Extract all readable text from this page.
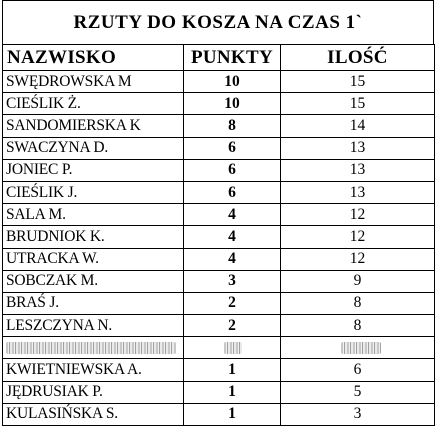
RZUTY DO KOSZA NA CZAS 1`
NAZWISKO	PUNKTY	ILOŚĆ
SWĘDROWSKA M	10	15
CIEŚLIK Ż.	10	15
SANDOMIERSKA K	8	14
SWACZYNA D.	6	13
JONIEC P.	6	13
CIEŚLIK J.	6	13
SALA M.	4	12
BRUDNIOK K.	4	12
UTRACKA W.	4	12
SOBCZAK M.	3	9
BRAŚ J.	2	8
LESZCZYNA N.	2	8

KWIETNIEWSKA A.	1	6
JĘDRUSIAK P.	1	5
KULASIŃSKA S.	1	3
